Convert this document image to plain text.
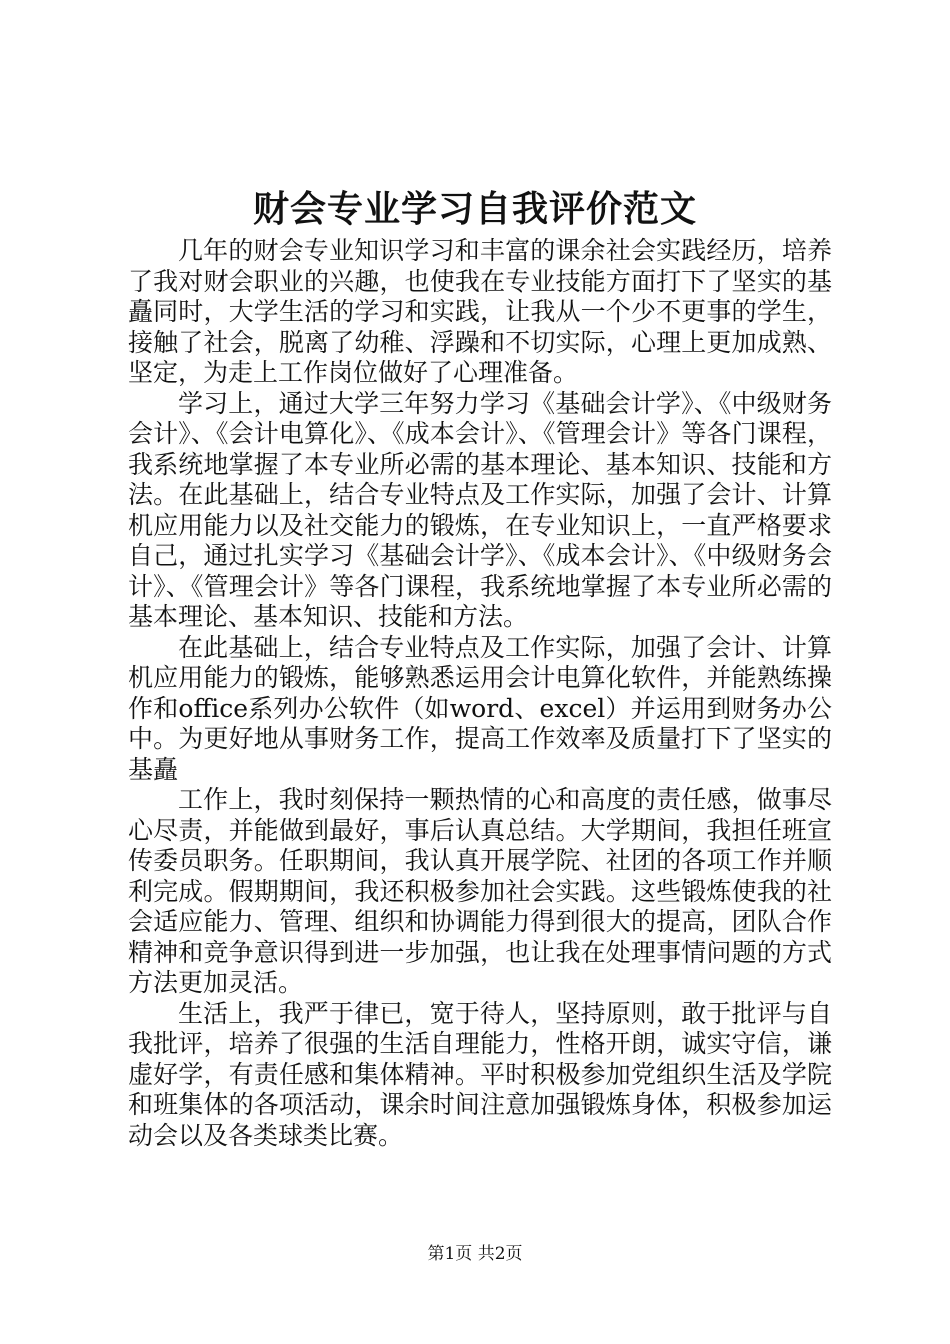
财会专业学习自我评价范文

几年的财会专业知识学习和丰富的课余社会实践经历，培养了我对财会职业的兴趣，也使我在专业技能方面打下了坚实的基矗同时，大学生活的学习和实践，让我从一个少不更事的学生，接触了社会，脱离了幼稚、浮躁和不切实际，心理上更加成熟、坚定，为走上工作岗位做好了心理准备。

学习上，通过大学三年努力学习《基础会计学》、《中级财务会计》、《会计电算化》、《成本会计》、《管理会计》等各门课程，我系统地掌握了本专业所必需的基本理论、基本知识、技能和方法。在此基础上，结合专业特点及工作实际，加强了会计、计算机应用能力以及社交能力的锻炼，在专业知识上，一直严格要求自己，通过扎实学习《基础会计学》、《成本会计》、《中级财务会计》、《管理会计》等各门课程，我系统地掌握了本专业所必需的基本理论、基本知识、技能和方法。

在此基础上，结合专业特点及工作实际，加强了会计、计算机应用能力的锻炼，能够熟悉运用会计电算化软件，并能熟练操作和office系列办公软件（如word、excel）并运用到财务办公中。为更好地从事财务工作，提高工作效率及质量打下了坚实的基矗

工作上，我时刻保持一颗热情的心和高度的责任感，做事尽心尽责，并能做到最好，事后认真总结。大学期间，我担任班宣传委员职务。任职期间，我认真开展学院、社团的各项工作并顺利完成。假期期间，我还积极参加社会实践。这些锻炼使我的社会适应能力、管理、组织和协调能力得到很大的提高，团队合作精神和竞争意识得到进一步加强，也让我在处理事情问题的方式方法更加灵活。

生活上，我严于律已，宽于待人，坚持原则，敢于批评与自我批评，培养了很强的生活自理能力，性格开朗，诚实守信，谦虚好学，有责任感和集体精神。平时积极参加党组织生活及学院和班集体的各项活动，课余时间注意加强锻炼身体，积极参加运动会以及各类球类比赛。

第1页 共2页
